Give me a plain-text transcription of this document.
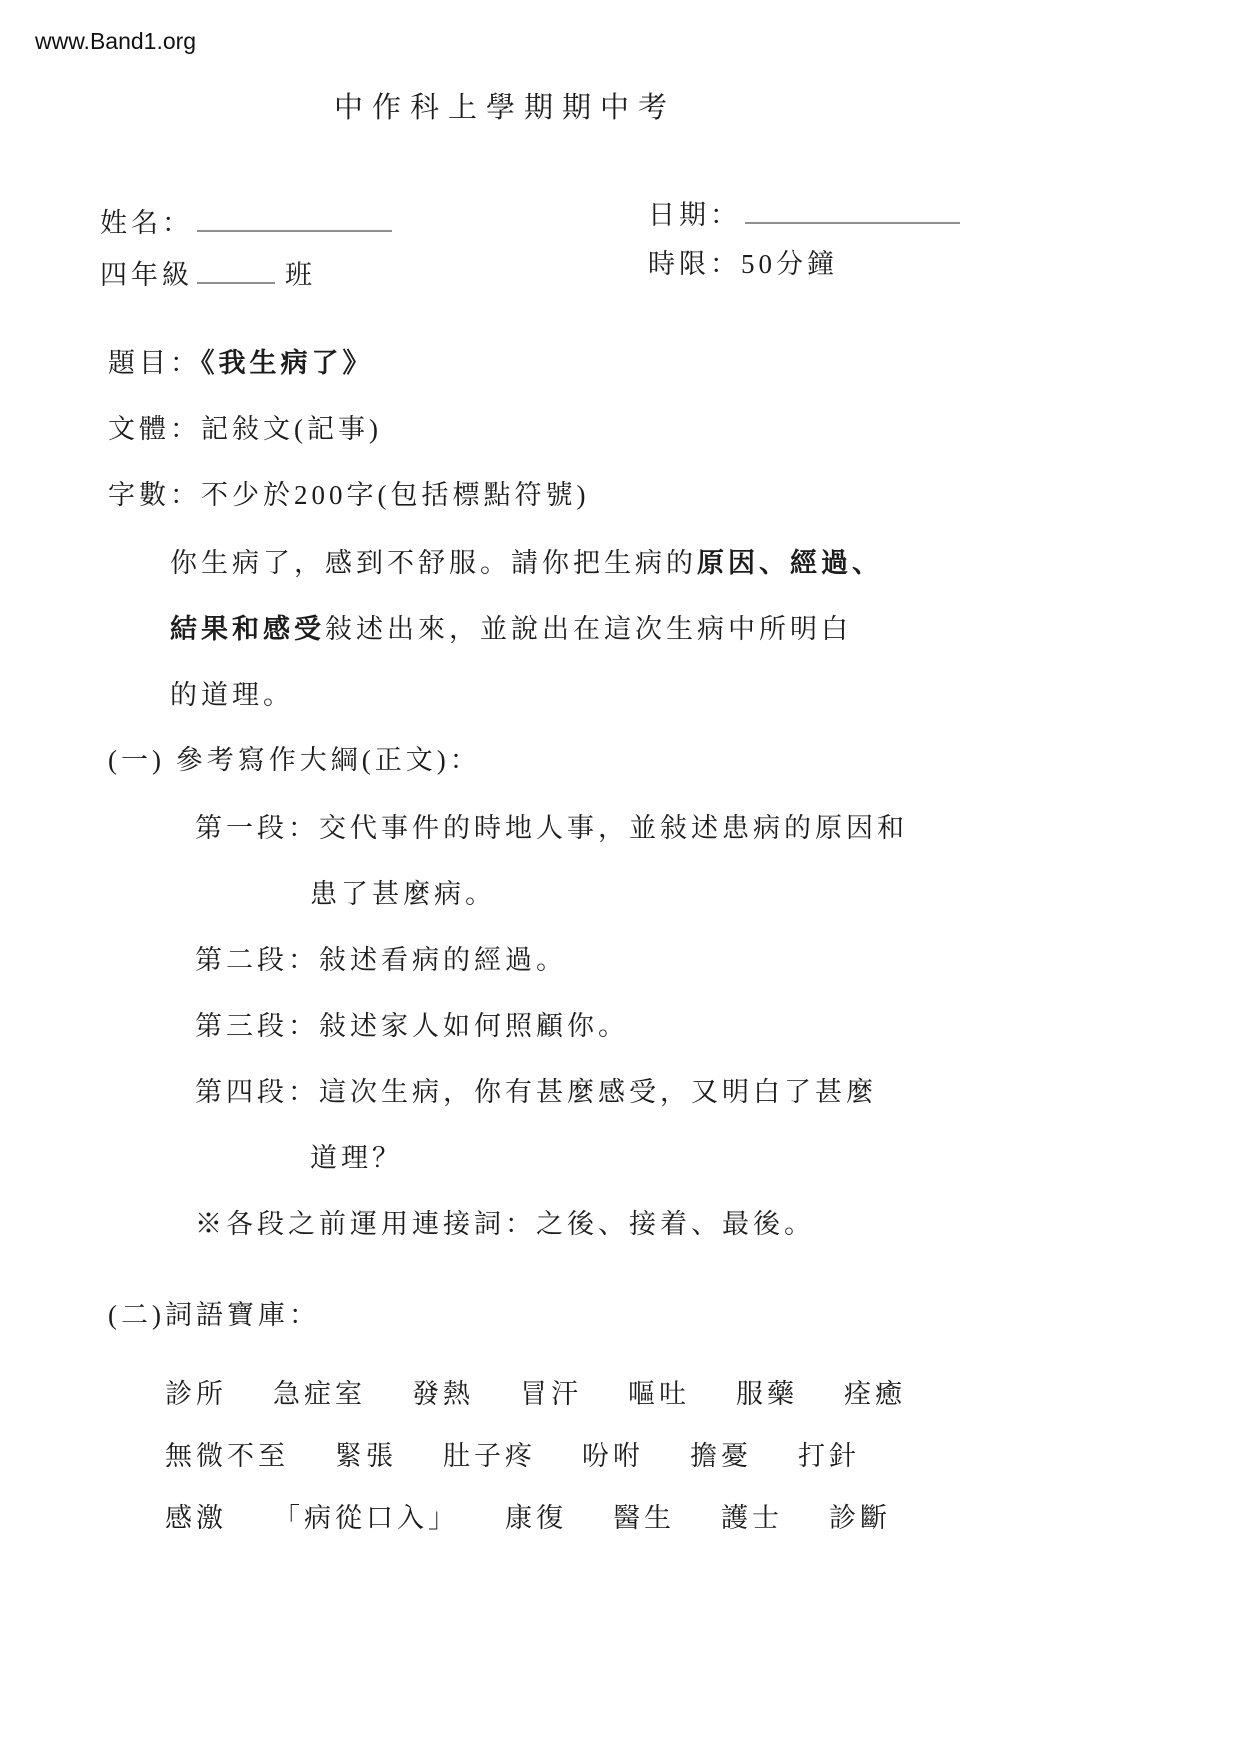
www.Band1.org
中作科上學期期中考
姓名：	日期：
四年級	班	時限：50分鐘
題目：《我生病了》
文體：記敍文(記事)
字數：不少於200字(包括標點符號)
你生病了，感到不舒服。請你把生病的原因、經過、
結果和感受敍述出來，並說出在這次生病中所明白
的道理。
(一) 參考寫作大綱(正文)：
第一段：交代事件的時地人事，並敍述患病的原因和
患了甚麼病。
第二段：敍述看病的經過。
第三段：敍述家人如何照顧你。
第四段：這次生病，你有甚麼感受，又明白了甚麼
道理？
※各段之前運用連接詞：之後、接着、最後。
(二)詞語寶庫：
診所 急症室 發熱 冒汗 嘔吐 服藥 痊癒
無微不至 緊張 肚子疼 吩咐 擔憂 打針
感激 「病從口入」 康復 醫生 護士 診斷
